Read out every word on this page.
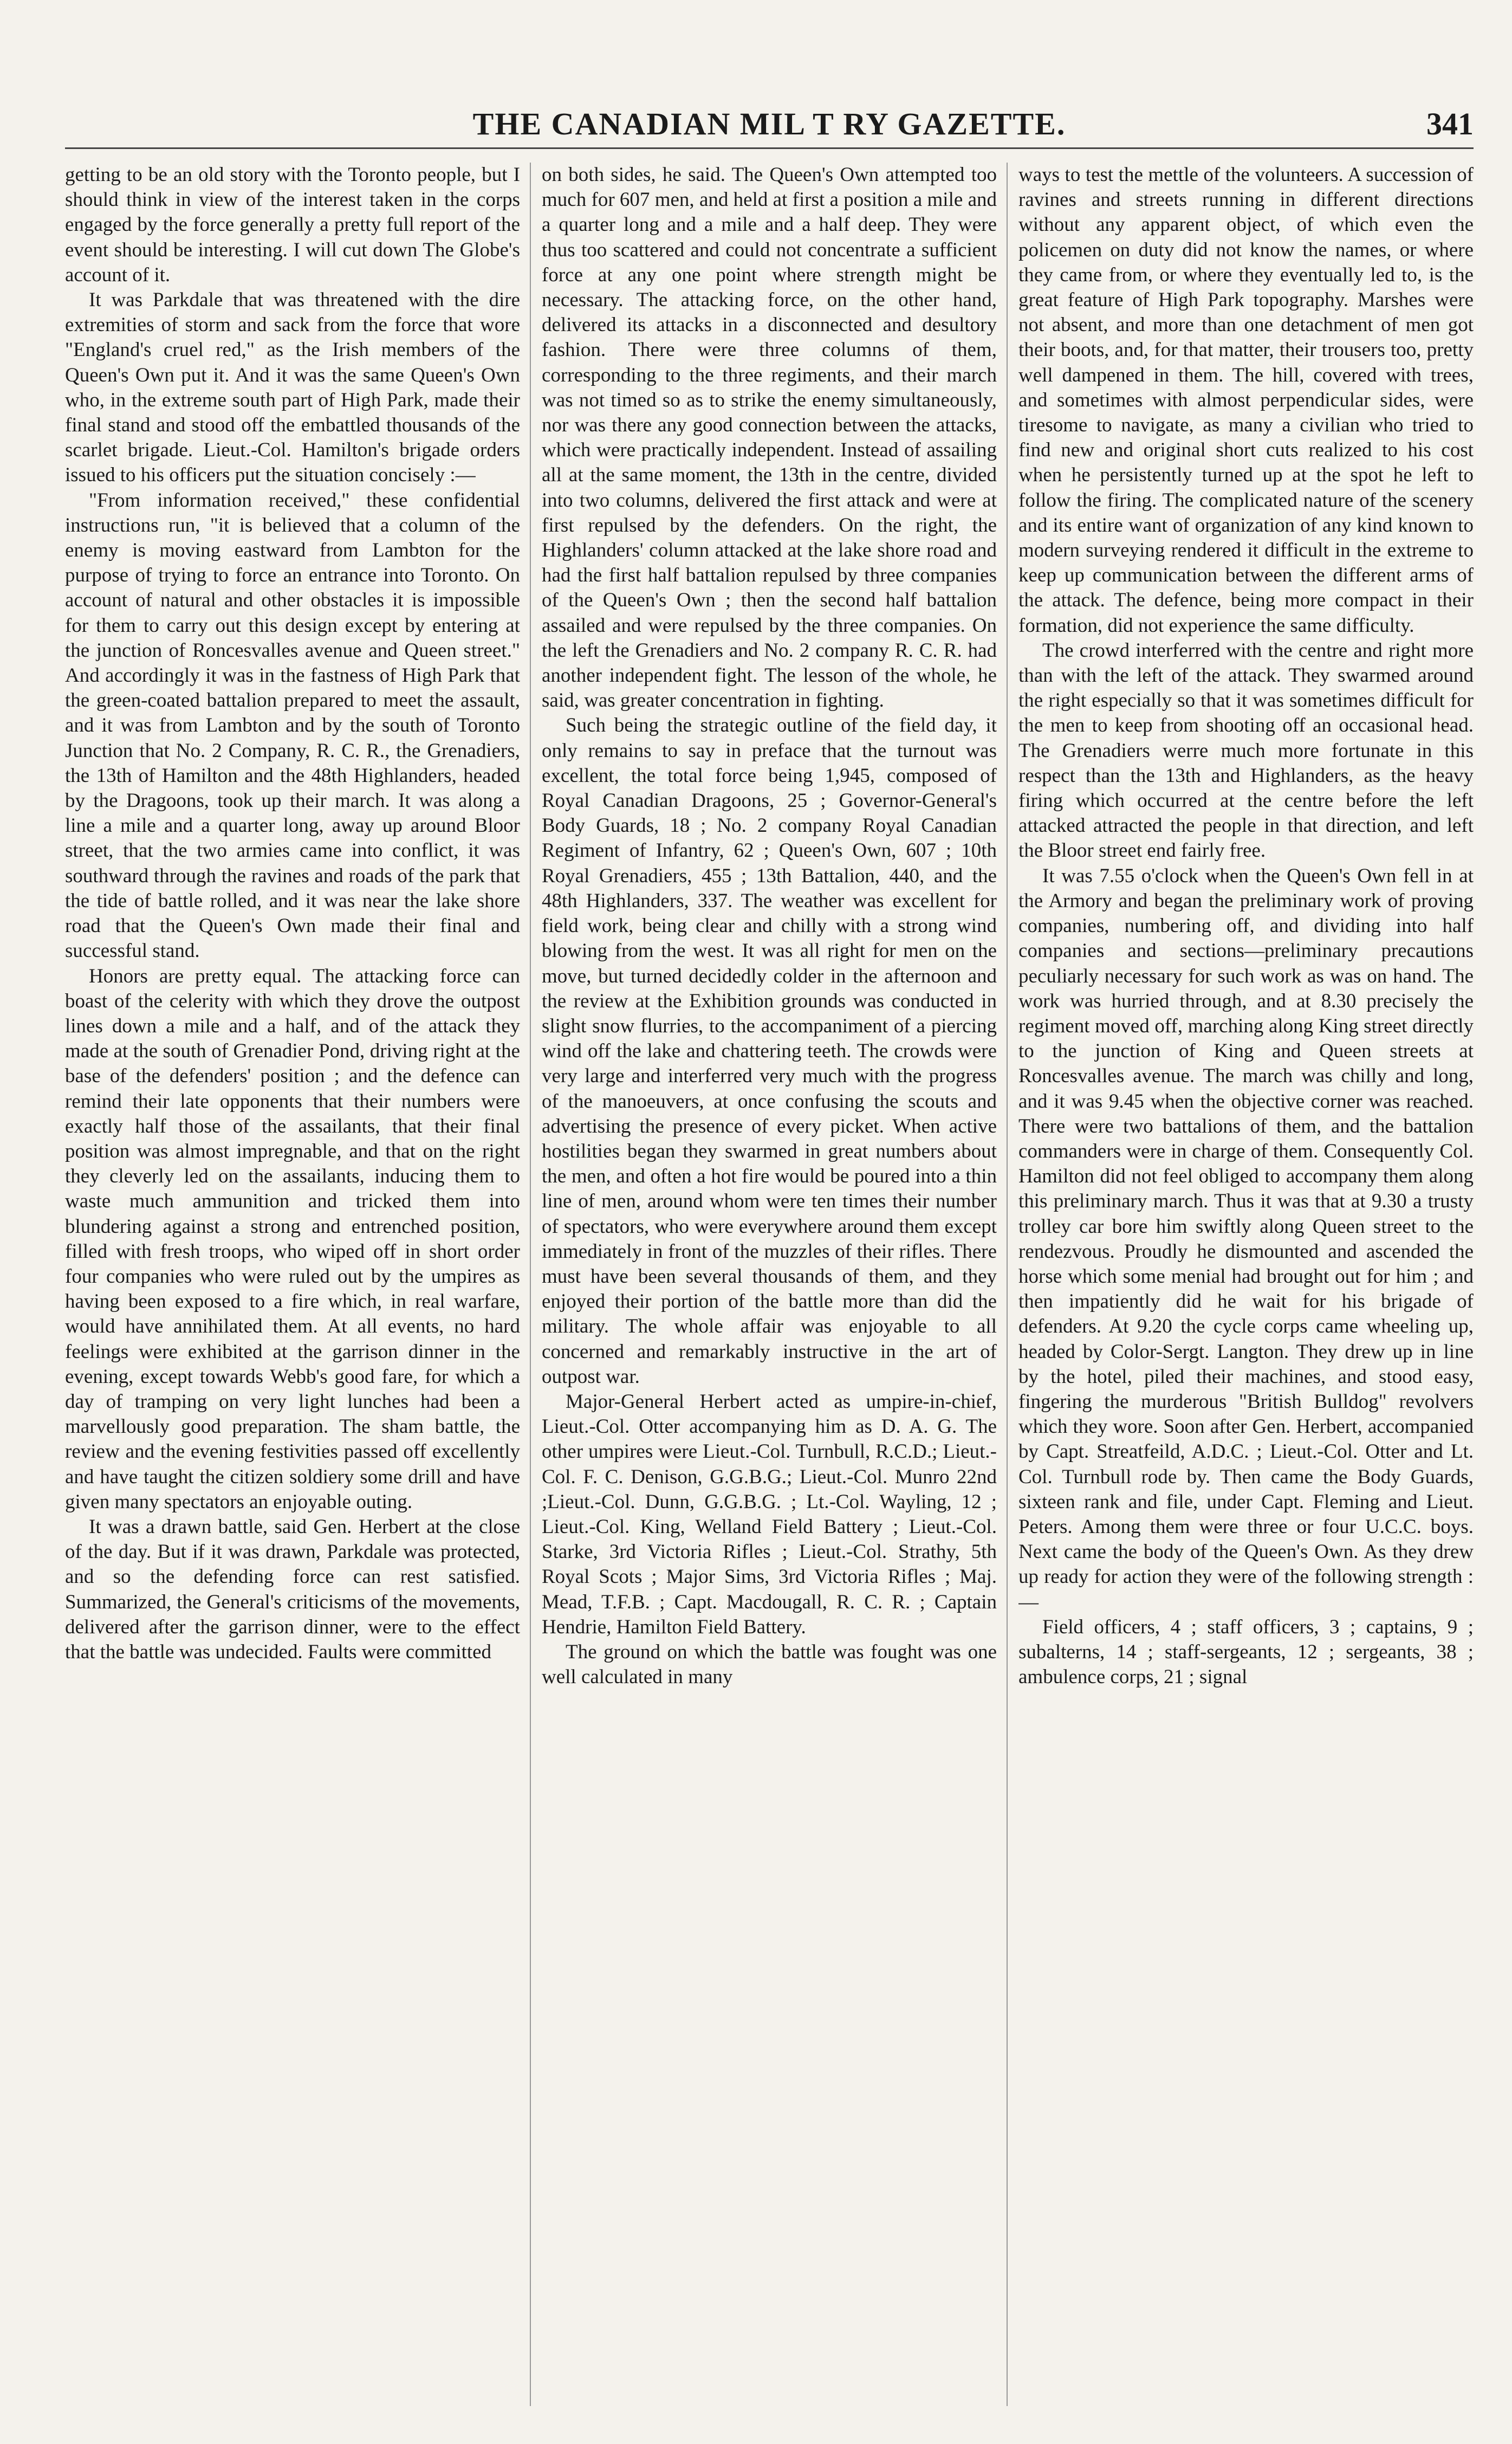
THE CANADIAN MIL T RY GAZETTE.	341

getting to be an old story with the Toronto people, but I should think in view of the interest taken in the corps engaged by the force generally a pretty full report of the event should be interesting. I will cut down The Globe's account of it.

It was Parkdale that was threatened with the dire extremities of storm and sack from the force that wore "England's cruel red," as the Irish members of the Queen's Own put it. And it was the same Queen's Own who, in the extreme south part of High Park, made their final stand and stood off the embattled thousands of the scarlet brigade. Lieut.-Col. Hamilton's brigade orders issued to his officers put the situation concisely :—

"From information received," these confidential instructions run, "it is believed that a column of the enemy is moving eastward from Lambton for the purpose of trying to force an entrance into Toronto. On account of natural and other obstacles it is impossible for them to carry out this design except by entering at the junction of Roncesvalles avenue and Queen street." And accordingly it was in the fastness of High Park that the green-coated battalion prepared to meet the assault, and it was from Lambton and by the south of Toronto Junction that No. 2 Company, R. C. R., the Grenadiers, the 13th of Hamilton and the 48th Highlanders, headed by the Dragoons, took up their march. It was along a line a mile and a quarter long, away up around Bloor street, that the two armies came into conflict, it was southward through the ravines and roads of the park that the tide of battle rolled, and it was near the lake shore road that the Queen's Own made their final and successful stand.

Honors are pretty equal. The attacking force can boast of the celerity with which they drove the outpost lines down a mile and a half, and of the attack they made at the south of Grenadier Pond, driving right at the base of the defenders' position ; and the defence can remind their late opponents that their numbers were exactly half those of the assailants, that their final position was almost impregnable, and that on the right they cleverly led on the assailants, inducing them to waste much ammunition and tricked them into blundering against a strong and entrenched position, filled with fresh troops, who wiped off in short order four companies who were ruled out by the umpires as having been exposed to a fire which, in real warfare, would have annihilated them. At all events, no hard feelings were exhibited at the garrison dinner in the evening, except towards Webb's good fare, for which a day of tramping on very light lunches had been a marvellously good preparation. The sham battle, the review and the evening festivities passed off excellently and have taught the citizen soldiery some drill and have given many spectators an enjoyable outing.

It was a drawn battle, said Gen. Herbert at the close of the day. But if it was drawn, Parkdale was protected, and so the defending force can rest satisfied. Summarized, the General's criticisms of the movements, delivered after the garrison dinner, were to the effect that the battle was undecided. Faults were committed

on both sides, he said. The Queen's Own attempted too much for 607 men, and held at first a position a mile and a quarter long and a mile and a half deep. They were thus too scattered and could not concentrate a sufficient force at any one point where strength might be necessary. The attacking force, on the other hand, delivered its attacks in a disconnected and desultory fashion. There were three columns of them, corresponding to the three regiments, and their march was not timed so as to strike the enemy simultaneously, nor was there any good connection between the attacks, which were practically independent. Instead of assailing all at the same moment, the 13th in the centre, divided into two columns, delivered the first attack and were at first repulsed by the defenders. On the right, the Highlanders' column attacked at the lake shore road and had the first half battalion repulsed by three companies of the Queen's Own ; then the second half battalion assailed and were repulsed by the three companies. On the left the Grenadiers and No. 2 company R. C. R. had another independent fight. The lesson of the whole, he said, was greater concentration in fighting.

Such being the strategic outline of the field day, it only remains to say in preface that the turnout was excellent, the total force being 1,945, composed of Royal Canadian Dragoons, 25 ; Governor-General's Body Guards, 18 ; No. 2 company Royal Canadian Regiment of Infantry, 62 ; Queen's Own, 607 ; 10th Royal Grenadiers, 455 ; 13th Battalion, 440, and the 48th Highlanders, 337. The weather was excellent for field work, being clear and chilly with a strong wind blowing from the west. It was all right for men on the move, but turned decidedly colder in the afternoon and the review at the Exhibition grounds was conducted in slight snow flurries, to the accompaniment of a piercing wind off the lake and chattering teeth. The crowds were very large and interferred very much with the progress of the manoeuvers, at once confusing the scouts and advertising the presence of every picket. When active hostilities began they swarmed in great numbers about the men, and often a hot fire would be poured into a thin line of men, around whom were ten times their number of spectators, who were everywhere around them except immediately in front of the muzzles of their rifles. There must have been several thousands of them, and they enjoyed their portion of the battle more than did the military. The whole affair was enjoyable to all concerned and remarkably instructive in the art of outpost war.

Major-General Herbert acted as umpire-in-chief, Lieut.-Col. Otter accompanying him as D. A. G. The other umpires were Lieut.-Col. Turnbull, R.C.D.; Lieut.-Col. F. C. Denison, G.G.B.G.; Lieut.-Col. Munro 22nd ;Lieut.-Col. Dunn, G.G.B.G. ; Lt.-Col. Wayling, 12 ; Lieut.-Col. King, Welland Field Battery ; Lieut.-Col. Starke, 3rd Victoria Rifles ; Lieut.-Col. Strathy, 5th Royal Scots ; Major Sims, 3rd Victoria Rifles ; Maj. Mead, T.F.B. ; Capt. Macdougall, R. C. R. ; Captain Hendrie, Hamilton Field Battery.

The ground on which the battle was fought was one well calculated in many

ways to test the mettle of the volunteers. A succession of ravines and streets running in different directions without any apparent object, of which even the policemen on duty did not know the names, or where they came from, or where they eventually led to, is the great feature of High Park topography. Marshes were not absent, and more than one detachment of men got their boots, and, for that matter, their trousers too, pretty well dampened in them. The hill, covered with trees, and sometimes with almost perpendicular sides, were tiresome to navigate, as many a civilian who tried to find new and original short cuts realized to his cost when he persistently turned up at the spot he left to follow the firing. The complicated nature of the scenery and its entire want of organization of any kind known to modern surveying rendered it difficult in the extreme to keep up communication between the different arms of the attack. The defence, being more compact in their formation, did not experience the same difficulty.

The crowd interferred with the centre and right more than with the left of the attack. They swarmed around the right especially so that it was sometimes difficult for the men to keep from shooting off an occasional head. The Grenadiers werre much more fortunate in this respect than the 13th and Highlanders, as the heavy firing which occurred at the centre before the left attacked attracted the people in that direction, and left the Bloor street end fairly free.

It was 7.55 o'clock when the Queen's Own fell in at the Armory and began the preliminary work of proving companies, numbering off, and dividing into half companies and sections—preliminary precautions peculiarly necessary for such work as was on hand. The work was hurried through, and at 8.30 precisely the regiment moved off, marching along King street directly to the junction of King and Queen streets at Roncesvalles avenue. The march was chilly and long, and it was 9.45 when the objective corner was reached. There were two battalions of them, and the battalion commanders were in charge of them. Consequently Col. Hamilton did not feel obliged to accompany them along this preliminary march. Thus it was that at 9.30 a trusty trolley car bore him swiftly along Queen street to the rendezvous. Proudly he dismounted and ascended the horse which some menial had brought out for him ; and then impatiently did he wait for his brigade of defenders. At 9.20 the cycle corps came wheeling up, headed by Color-Sergt. Langton. They drew up in line by the hotel, piled their machines, and stood easy, fingering the murderous "British Bulldog" revolvers which they wore. Soon after Gen. Herbert, accompanied by Capt. Streatfeild, A.D.C. ; Lieut.-Col. Otter and Lt. Col. Turnbull rode by. Then came the Body Guards, sixteen rank and file, under Capt. Fleming and Lieut. Peters. Among them were three or four U.C.C. boys. Next came the body of the Queen's Own. As they drew up ready for action they were of the following strength :—

Field officers, 4 ; staff officers, 3 ; captains, 9 ; subalterns, 14 ; staff-sergeants, 12 ; sergeants, 38 ; ambulence corps, 21 ; signal
